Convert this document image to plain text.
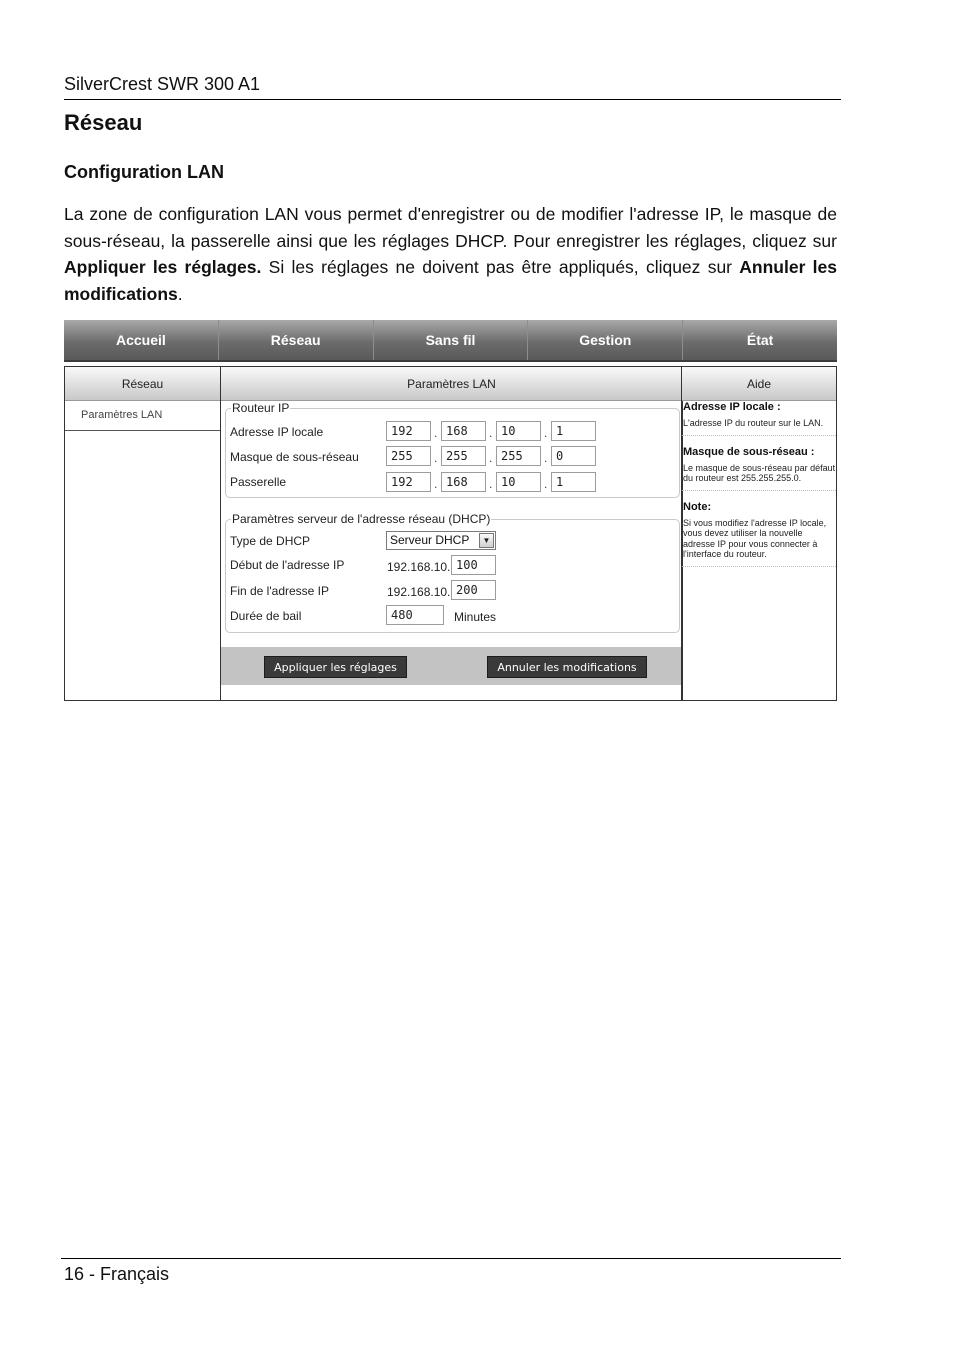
SilverCrest SWR 300 A1
Réseau
Configuration LAN

La zone de configuration LAN vous permet d'enregistrer ou de modifier l'adresse IP, le masque de sous-réseau, la passerelle ainsi que les réglages DHCP. Pour enregistrer les réglages, cliquez sur Appliquer les réglages. Si les réglages ne doivent pas être appliqués, cliquez sur Annuler les modifications.

Accueil	Réseau	Sans fil	Gestion	État
Réseau
Paramètres LAN
Paramètres LAN
Routeur IP
Adresse IP locale	192	. 168	. 10	. 1
Masque de sous-réseau	255	. 255	. 255	. 0
Passerelle	192	. 168	. 10	. 1
Paramètres serveur de l'adresse réseau (DHCP)
Type de DHCP	Serveur DHCP	▼
Début de l'adresse IP	192.168.10. 100
Fin de l'adresse IP	192.168.10. 200
Durée de bail	480	Minutes
Appliquer les réglages	Annuler les modifications
Aide
Adresse IP locale :
L'adresse IP du routeur sur le LAN.
Masque de sous-réseau :
Le masque de sous-réseau par défaut du routeur est 255.255.255.0.
Note:
Si vous modifiez l'adresse IP locale, vous devez utiliser la nouvelle adresse IP pour vous connecter à l'interface du routeur.
16 - Français
